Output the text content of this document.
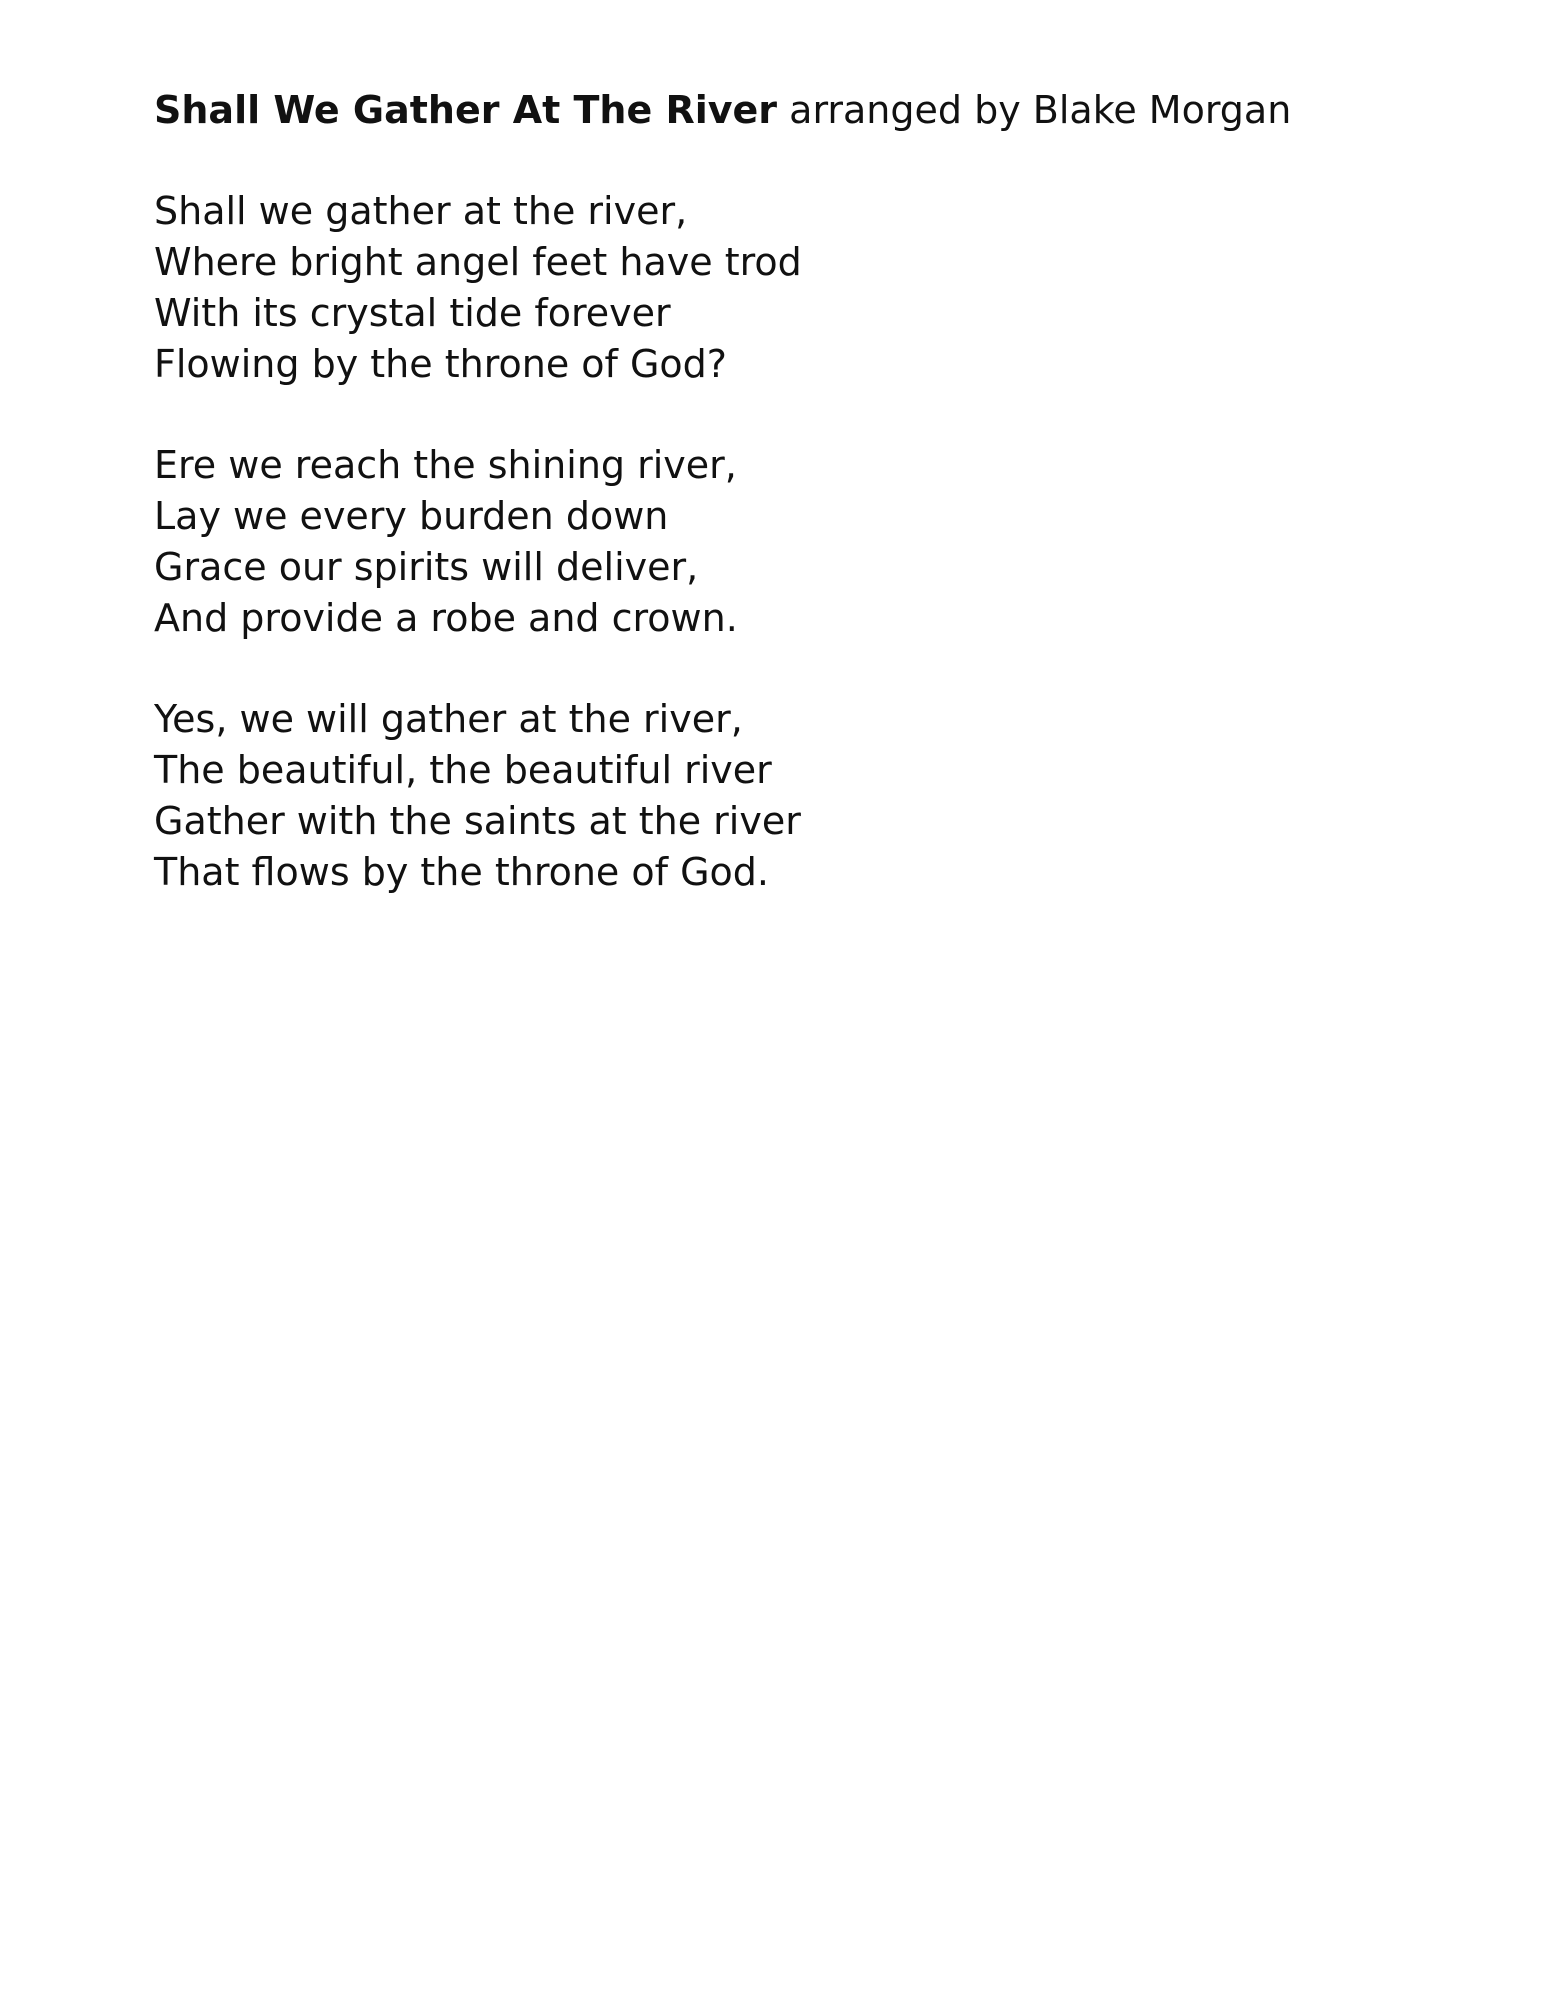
Shall We Gather At The River arranged by Blake Morgan
Shall we gather at the river,
Where bright angel feet have trod
With its crystal tide forever
Flowing by the throne of God?
Ere we reach the shining river,
Lay we every burden down
Grace our spirits will deliver,
And provide a robe and crown.
Yes, we will gather at the river,
The beautiful, the beautiful river
Gather with the saints at the river
That flows by the throne of God.
